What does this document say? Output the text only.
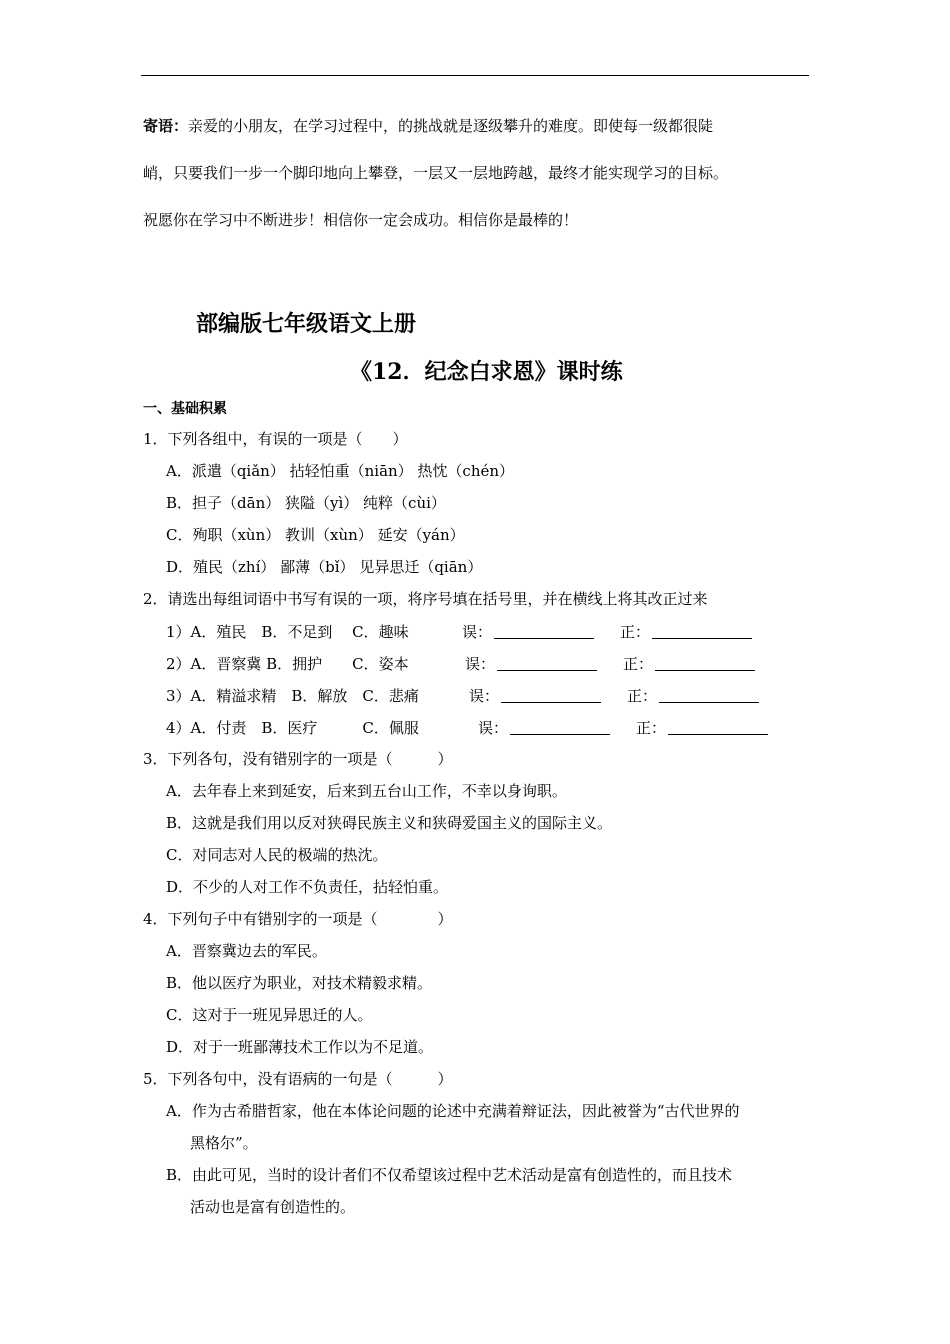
寄语：亲爱的小朋友，在学习过程中，的挑战就是逐级攀升的难度。即使每一级都很陡
峭，只要我们一步一个脚印地向上攀登，一层又一层地跨越，最终才能实现学习的目标。
祝愿你在学习中不断进步！相信你一定会成功。相信你是最棒的！
部编版七年级语文上册
《12．纪念白求恩》课时练
一、基础积累
1．下列各组中，有误的一项是（　　）
A．派遣（qiǎn） 拈轻怕重（niān） 热忱（chén）
B．担子（dān） 狭隘（yì） 纯粹（cùi）
C．殉职（xùn） 教训（xùn） 延安（yán）
D．殖民（zhí） 鄙薄（bǐ） 见异思迁（qiān）
2．请选出每组词语中书写有误的一项，将序号填在括号里，并在横线上将其改正过来
1）A．殖民　B．不足到　 C．趣味	误：	正：
2）A．晋察冀 B．拥护　　C．姿本	误：	正：
3）A．精溢求精　B．解放　C．悲痛	误：	正：
4）A．付责　B．医疗　　　C．佩服	误：	正：
3．下列各句，没有错别字的一项是（　　　）
A．去年春上来到延安，后来到五台山工作，不幸以身询职。
B．这就是我们用以反对狭碍民族主义和狭碍爱国主义的国际主义。
C．对同志对人民的极端的热沈。
D．不少的人对工作不负责任，拈轻怕重。
4．下列句子中有错别字的一项是（　　　　）
A．晋察冀边去的军民。
B．他以医疗为职业，对技术精毅求精。
C．这对于一班见异思迁的人。
D．对于一班鄙薄技术工作以为不足道。
5．下列各句中，没有语病的一句是（　　　）
A．作为古希腊哲家，他在本体论问题的论述中充满着辩证法，因此被誉为“古代世界的
黑格尔”。
B．由此可见，当时的设计者们不仅希望该过程中艺术活动是富有创造性的，而且技术
活动也是富有创造性的。
